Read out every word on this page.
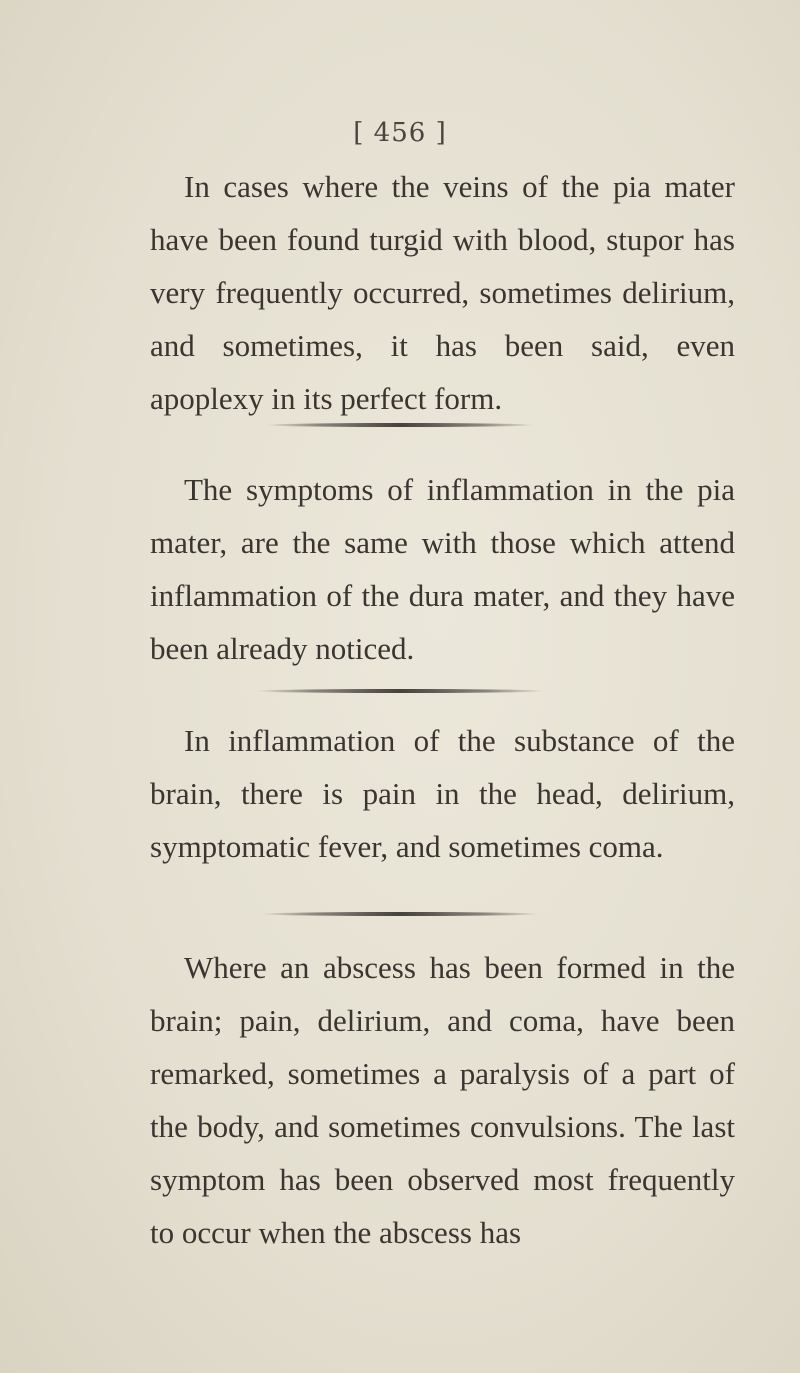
[ 456 ]

In cases where the veins of the pia mater have been found turgid with blood, stupor has very frequently occurred, sometimes delirium, and sometimes, it has been said, even apoplexy in its perfect form.

The symptoms of inflammation in the pia mater, are the same with those which attend inflammation of the dura mater, and they have been already noticed.

In inflammation of the substance of the brain, there is pain in the head, delirium, symptomatic fever, and sometimes coma.

Where an abscess has been formed in the brain; pain, delirium, and coma, have been remarked, sometimes a paralysis of a part of the body, and sometimes convulsions. The last symptom has been observed most frequently to occur when the abscess has
